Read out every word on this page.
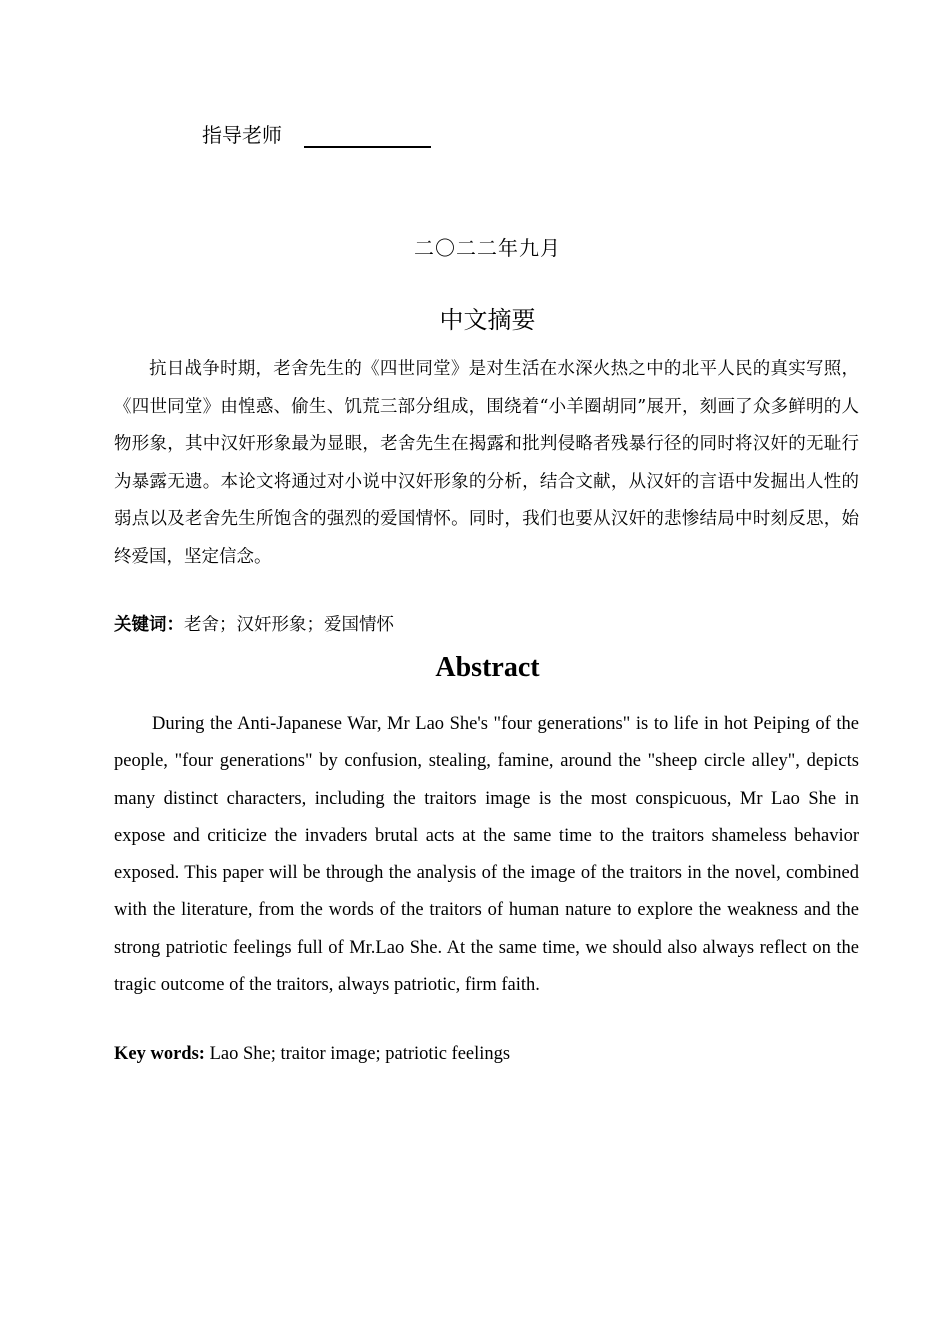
指导老师
二〇二二年九月
中文摘要

抗日战争时期，老舍先生的《四世同堂》是对生活在水深火热之中的北平人民的真实写照，《四世同堂》由惶惑、偷生、饥荒三部分组成，围绕着“小羊圈胡同”展开，刻画了众多鲜明的人物形象，其中汉奸形象最为显眼，老舍先生在揭露和批判侵略者残暴行径的同时将汉奸的无耻行为暴露无遗。本论文将通过对小说中汉奸形象的分析，结合文献，从汉奸的言语中发掘出人性的弱点以及老舍先生所饱含的强烈的爱国情怀。同时，我们也要从汉奸的悲惨结局中时刻反思，始终爱国，坚定信念。

关键词：老舍；汉奸形象；爱国情怀
Abstract

During the Anti-Japanese War, Mr Lao She's "four generations" is to life in hot Peiping of the people, "four generations" by confusion, stealing, famine, around the "sheep circle alley", depicts many distinct characters, including the traitors image is the most conspicuous, Mr Lao She in expose and criticize the invaders brutal acts at the same time to the traitors shameless behavior exposed. This paper will be through the analysis of the image of the traitors in the novel, combined with the literature, from the words of the traitors of human nature to explore the weakness and the strong patriotic feelings full of Mr.Lao She. At the same time, we should also always reflect on the tragic outcome of the traitors, always patriotic, firm faith.

Key words: Lao She; traitor image; patriotic feelings
